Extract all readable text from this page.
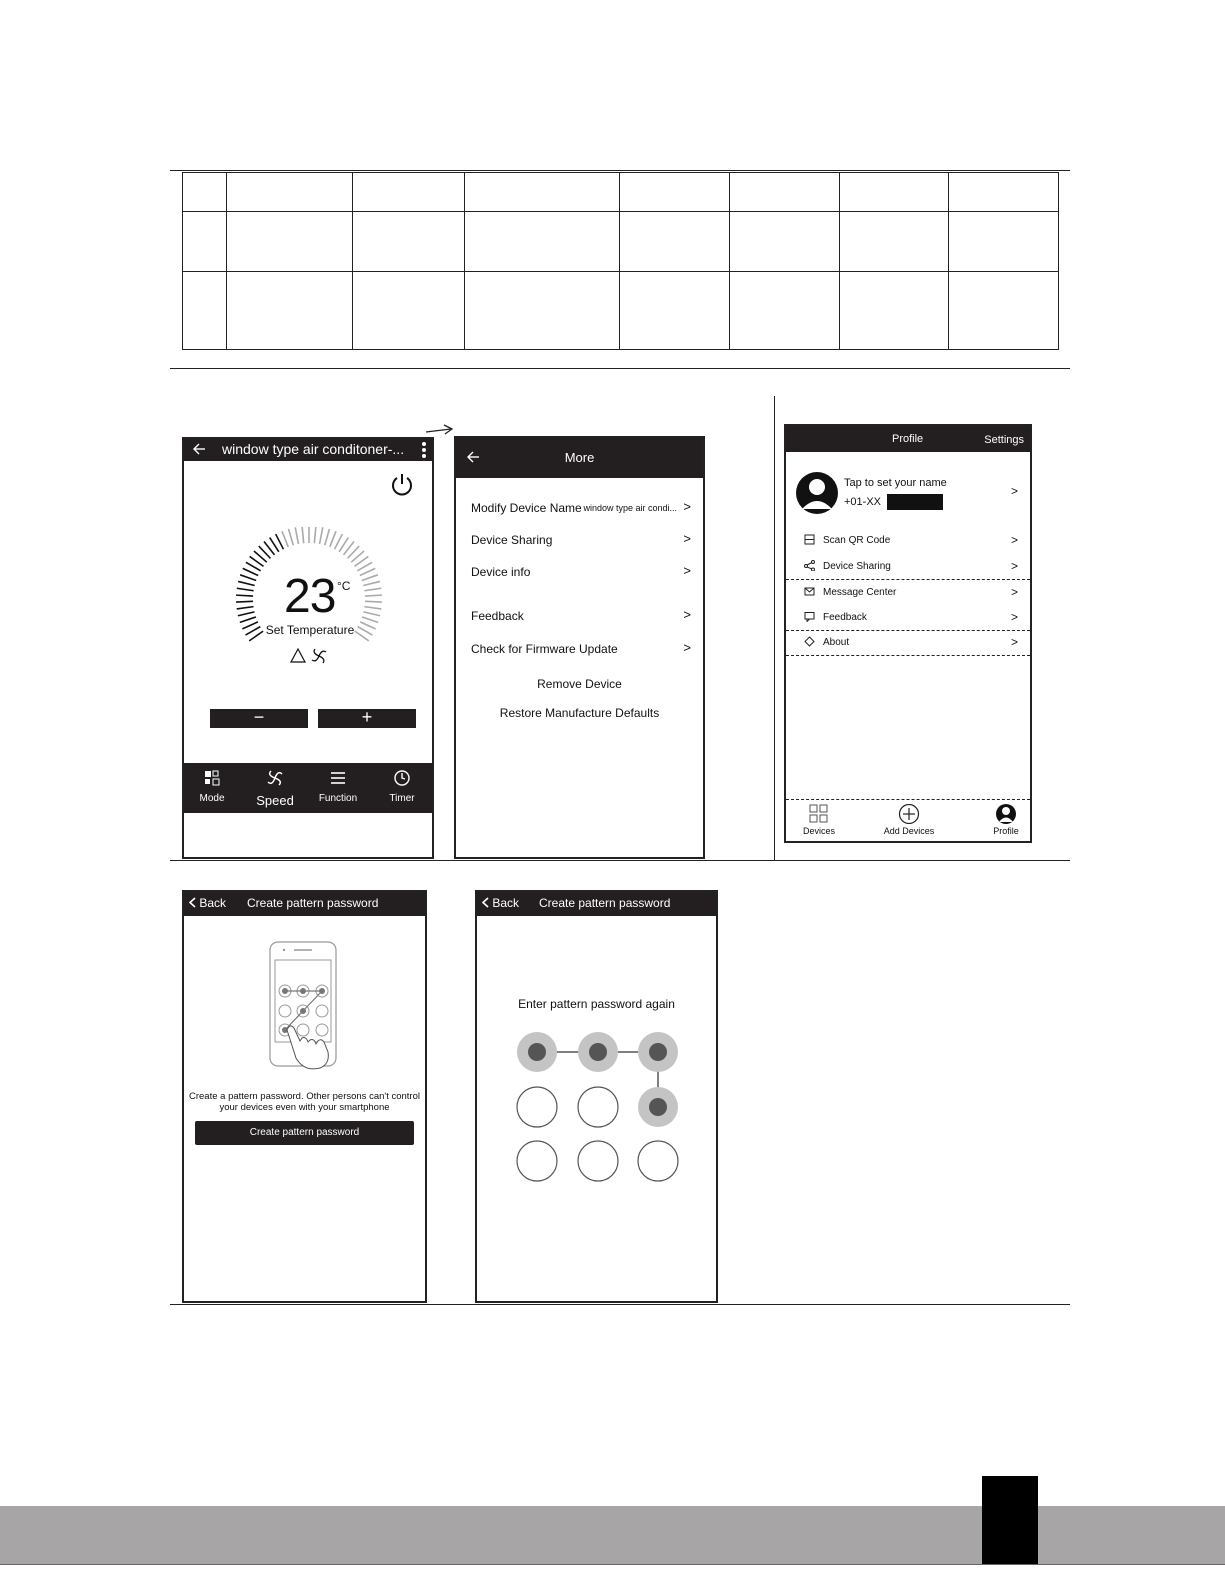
window type air conditoner-...
23 °C
Set Temperature
−	+
Mode	Speed	Function	Timer
More
Modify Device Name window type air condi... >
Device Sharing	>
Device info	>
Feedback	>
Check for Firmware Update	>
Remove Device
Restore Manufacture Defaults
Profile	Settings
Tap to set your name
+01-XX
>
Scan QR Code	>
Device Sharing	>
Message Center	>
Feedback	>
About	>
Devices	Add Devices	Profile
Back Create pattern password
Create a pattern password. Other persons can't control
your devices even with your smartphone
Create pattern password
Back Create pattern password
Enter pattern password again
